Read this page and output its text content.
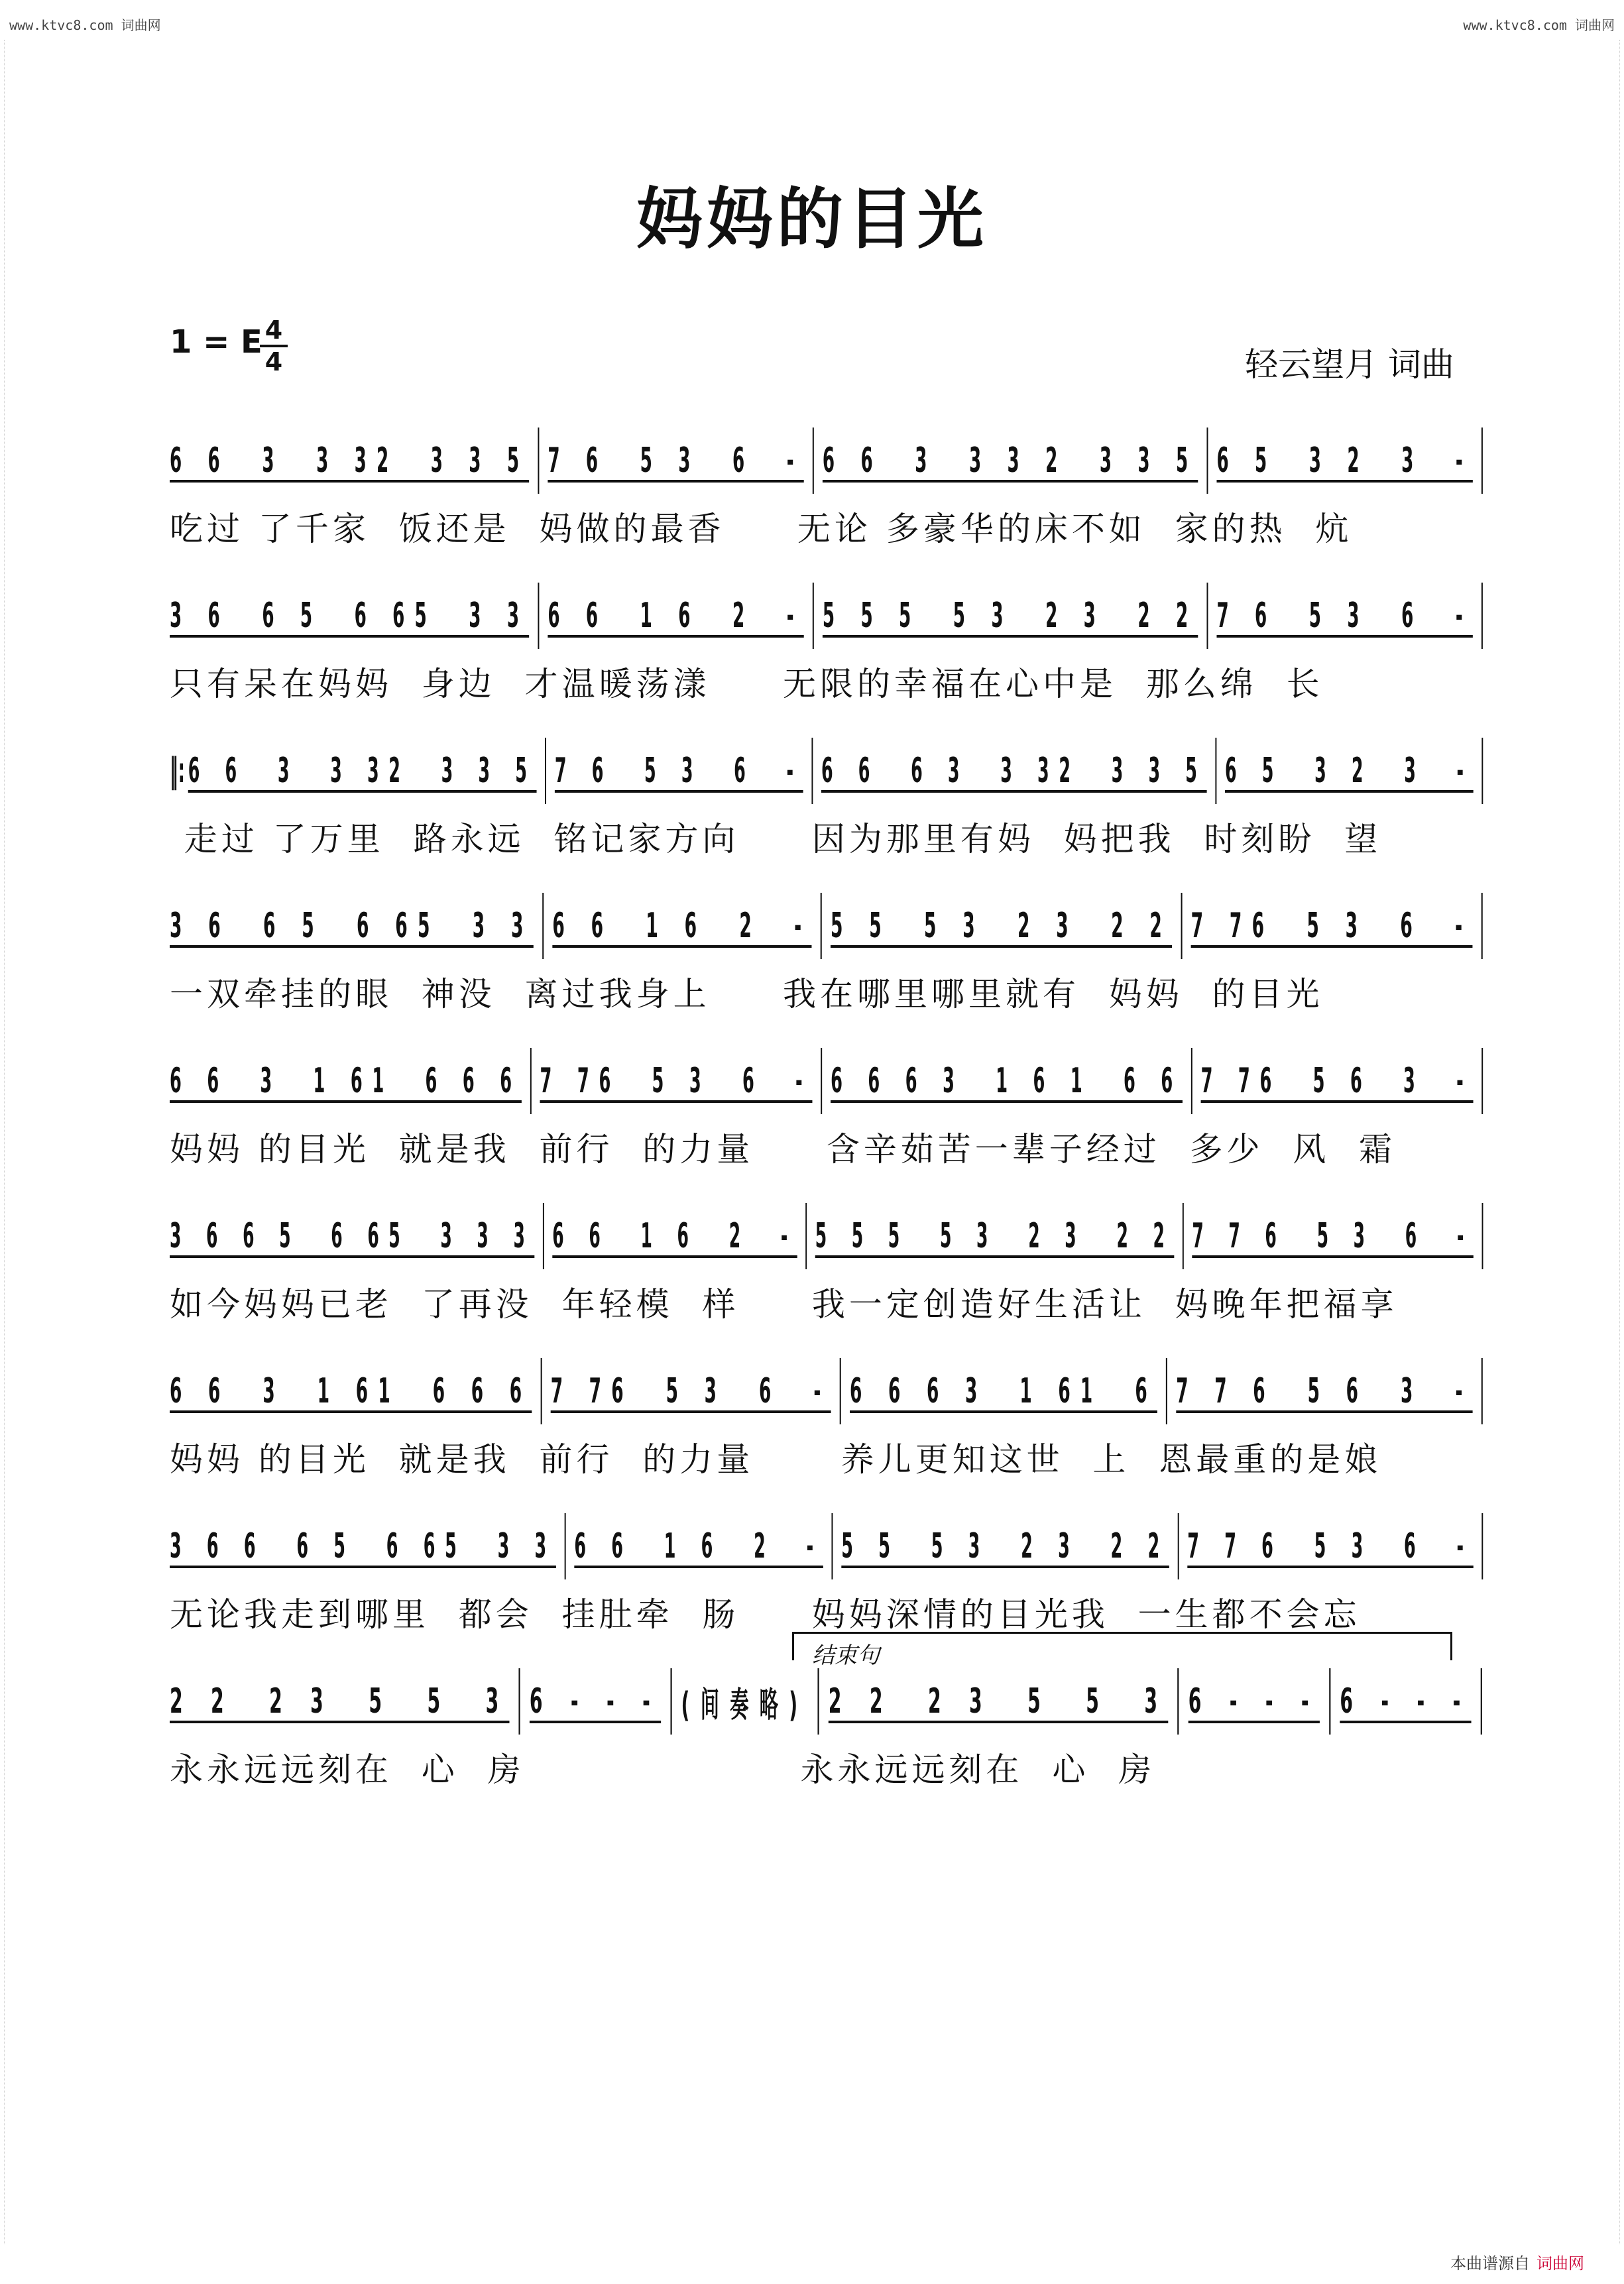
www.ktvc8.com 词曲网	www.ktvc8.com 词曲网
妈妈的目光
1 = E 4
4	轻云望月 词曲
6 6  3  3 32  3 3 5 7 6  5 3  6  - 6 6  3  3 3 2  3 3 5 6 5  3 2  3  -
吃过 了千家  饭还是  妈做的最香     无论 多豪华的床不如  家的热  炕
3 6  6 5  6 65  3 3 6 6  1 6  2  - 5 5 5  5 3  2 3  2 2 7 6  5 3  6  -
只有呆在妈妈  身边  才温暖荡漾     无限的幸福在心中是  那么绵  长
‖: 6 6  3  3 32  3 3 5 7 6  5 3  6  - 6 6  6 3  3 32  3 3 5 6 5  3 2  3  -
走过 了万里  路永远  铭记家方向     因为那里有妈  妈把我  时刻盼  望
3 6  6 5  6 65  3 3 6 6  1 6  2  - 5 5  5 3  2 3  2 2 7 76  5 3  6  -
一双牵挂的眼  神没  离过我身上     我在哪里哪里就有  妈妈  的目光
6 6  3  1 61  6 6 6 7 76  5 3  6  - 6 6 6 3  1 6 1  6 6 7 76  5 6  3  -
妈妈 的目光  就是我  前行  的力量     含辛茹苦一辈子经过  多少  风  霜
3 6 6 5  6 65  3 3 3 6 6  1 6  2  - 5 5 5  5 3  2 3  2 2 7 7 6  5 3  6  -
如今妈妈已老  了再没  年轻模  样     我一定创造好生活让  妈晚年把福享
6 6  3  1 61  6 6 6 7 76  5 3  6  - 6 6 6 3  1 61  6 7 7 6  5 6  3  -
妈妈 的目光  就是我  前行  的力量      养儿更知这世  上  恩最重的是娘
3 6 6  6 5  6 65  3 3 6 6  1 6  2  - 5 5  5 3  2 3  2 2 7 7 6  5 3  6  -
无论我走到哪里  都会  挂肚牵  肠     妈妈深情的目光我  一生都不会忘
2 2  2 3  5  5  3 6 - - - (间奏略) 2 2  2 3  5  5  3 6 - - - 6 - - -
永永远远刻在  心  房                   永永远远刻在  心  房
结束句
本曲谱源自 词曲网
